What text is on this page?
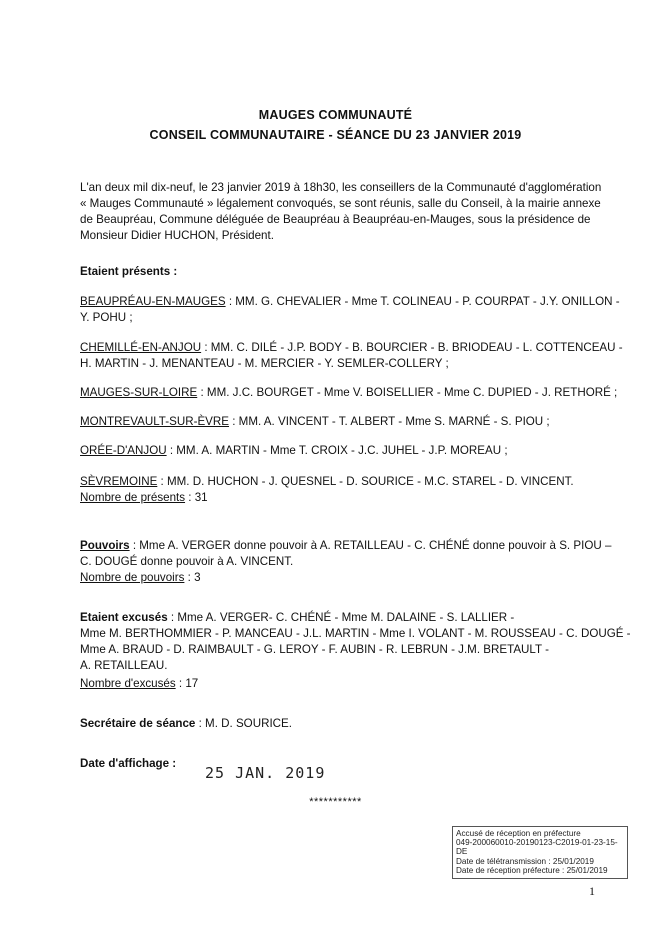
MAUGES COMMUNAUTÉ
CONSEIL COMMUNAUTAIRE - SÉANCE DU 23 JANVIER 2019
L'an deux mil dix-neuf, le 23 janvier 2019 à 18h30, les conseillers de la Communauté d'agglomération
« Mauges Communauté » légalement convoqués, se sont réunis, salle du Conseil, à la mairie annexe
de Beaupréau, Commune déléguée de Beaupréau à Beaupréau-en-Mauges, sous la présidence de
Monsieur Didier HUCHON, Président.
Etaient présents :
BEAUPRÉAU-EN-MAUGES : MM. G. CHEVALIER - Mme T. COLINEAU - P. COURPAT - J.Y. ONILLON -
Y. POHU ;
CHEMILLÉ-EN-ANJOU : MM. C. DILÉ - J.P. BODY - B. BOURCIER - B. BRIODEAU - L. COTTENCEAU -
H. MARTIN - J. MENANTEAU - M. MERCIER - Y. SEMLER-COLLERY ;
MAUGES-SUR-LOIRE : MM. J.C. BOURGET - Mme V. BOISELLIER - Mme C. DUPIED - J. RETHORÉ ;
MONTREVAULT-SUR-ÈVRE : MM. A. VINCENT - T. ALBERT - Mme S. MARNÉ - S. PIOU ;
ORÉE-D'ANJOU : MM. A. MARTIN - Mme T. CROIX - J.C. JUHEL - J.P. MOREAU ;
SÈVREMOINE : MM. D. HUCHON - J. QUESNEL - D. SOURICE - M.C. STAREL - D. VINCENT.
Nombre de présents : 31
Pouvoirs : Mme A. VERGER donne pouvoir à A. RETAILLEAU - C. CHÉNÉ donne pouvoir à S. PIOU –
C. DOUGÉ donne pouvoir à A. VINCENT.
Nombre de pouvoirs : 3
Etaient excusés : Mme A. VERGER- C. CHÉNÉ - Mme M. DALAINE - S. LALLIER -
Mme M. BERTHOMMIER - P. MANCEAU - J.L. MARTIN - Mme I. VOLANT - M. ROUSSEAU - C. DOUGÉ -
Mme A. BRAUD - D. RAIMBAULT - G. LEROY - F. AUBIN - R. LEBRUN - J.M. BRETAULT -
A. RETAILLEAU.
Nombre d'excusés : 17
Secrétaire de séance : M. D. SOURICE.
Date d'affichage :
25 JAN. 2019
***********
Accusé de réception en préfecture
049-200060010-20190123-C2019-01-23-15-
DE
Date de télétransmission : 25/01/2019
Date de réception préfecture : 25/01/2019
1
